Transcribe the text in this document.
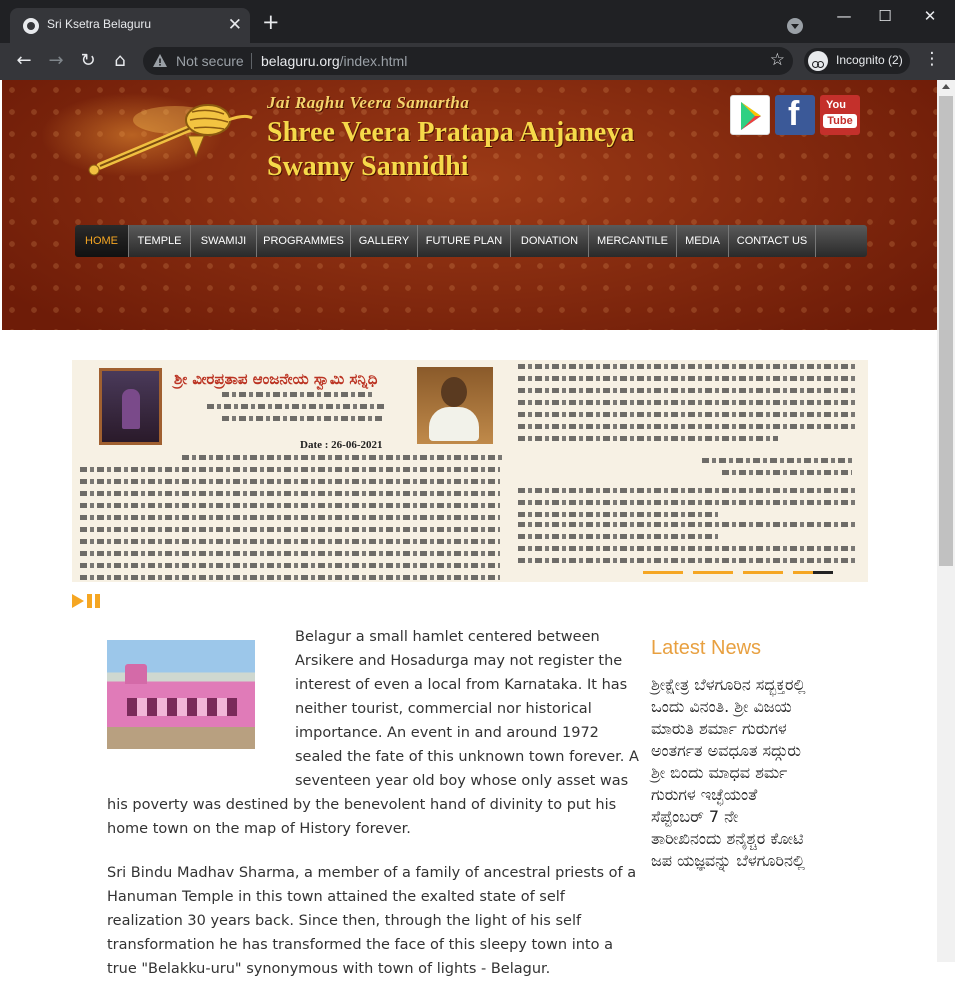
Sri Ksetra Belaguru	✕ +	—	☐	✕
← → ↻	⌂	Not secure belaguru.org/index.html	☆	Incognito (2) ⋮
Jai Raghu Veera Samartha
Shree Veera Pratapa Anjaneya
Swamy Sannidhi
f You
Tube
HOME	TEMPLE	SWAMIJI	PROGRAMMES	GALLERY	FUTURE PLAN	DONATION	MERCANTILE	MEDIA	CONTACT US
ಶ್ರೀ ವೀರಪ್ರತಾಪ ಆಂಜನೇಯ ಸ್ವಾಮಿ ಸನ್ನಿಧಿ
Date : 26-06-2021

Belagur a small hamlet centered between Arsikere and Hosadurga may not register the interest of even a local from Karnataka. It has neither tourist, commercial nor historical importance. An event in and around 1972 sealed the fate of this unknown town forever. A seventeen year old boy whose only asset was his poverty was destined by the benevolent hand of divinity to put his home town on the map of History forever.

Sri Bindu Madhav Sharma, a member of a family of ancestral priests of a Hanuman Temple in this town attained the exalted state of self realization 30 years back. Since then, through the light of his self transformation he has transformed the face of this sleepy town into a true "Belakku-uru" synonymous with town of lights - Belagur.

Latest News
ಶ್ರೀಕ್ಷೇತ್ರ ಬೆಳಗೂರಿನ ಸದ್ಭಕ್ತರಲ್ಲಿ ಒಂದು ವಿನಂತಿ. ಶ್ರೀ ವಿಜಯ ಮಾರುತಿ ಶರ್ಮಾ ಗುರುಗಳ ಅಂತರ್ಗತ ಅವಧೂತ ಸದ್ಗುರು ಶ್ರೀ ಬಿಂದು ಮಾಧವ ಶರ್ಮ ಗುರುಗಳ ಇಚ್ಛೆಯಂತೆ ಸೆಪ್ಟೆಂಬರ್ 7 ನೇ ತಾರೀಖಿನಂದು ಶನೈಶ್ಚರ ಕೋಟಿ ಜಪ ಯಜ್ಞವನ್ನು ಬೆಳಗೂರಿನಲ್ಲಿ
